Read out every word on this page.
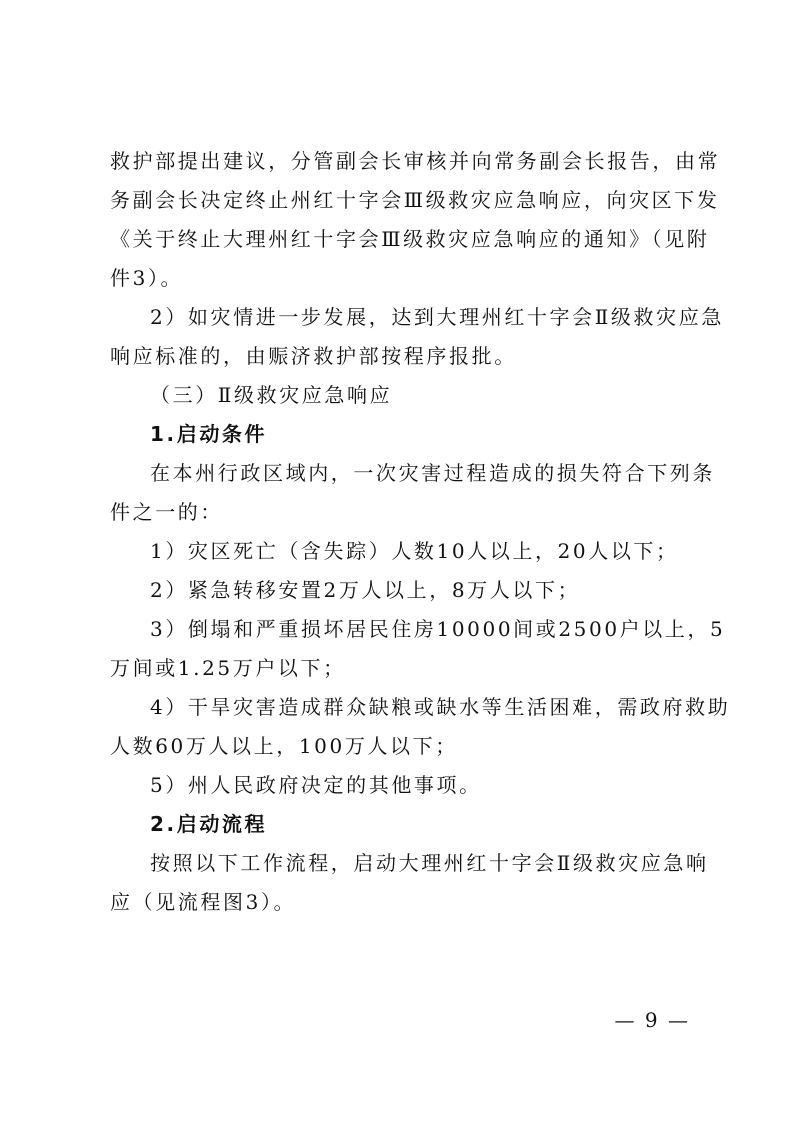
救护部提出建议，分管副会长审核并向常务副会长报告，由常
务副会长决定终止州红十字会Ⅲ级救灾应急响应，向灾区下发
《关于终止大理州红十字会Ⅲ级救灾应急响应的通知》（见附
件3）。

2）如灾情进一步发展，达到大理州红十字会Ⅱ级救灾应急
响应标准的，由赈济救护部按程序报批。

（三）Ⅱ级救灾应急响应

1.启动条件

在本州行政区域内，一次灾害过程造成的损失符合下列条
件之一的：

1）灾区死亡（含失踪）人数10人以上，20人以下；

2）紧急转移安置2万人以上，8万人以下；

3）倒塌和严重损坏居民住房10000间或2500户以上，5
万间或1.25万户以下；

4）干旱灾害造成群众缺粮或缺水等生活困难，需政府救助
人数60万人以上，100万人以下；

5）州人民政府决定的其他事项。

2.启动流程

按照以下工作流程，启动大理州红十字会Ⅱ级救灾应急响
应（见流程图3）。

— 9 —
